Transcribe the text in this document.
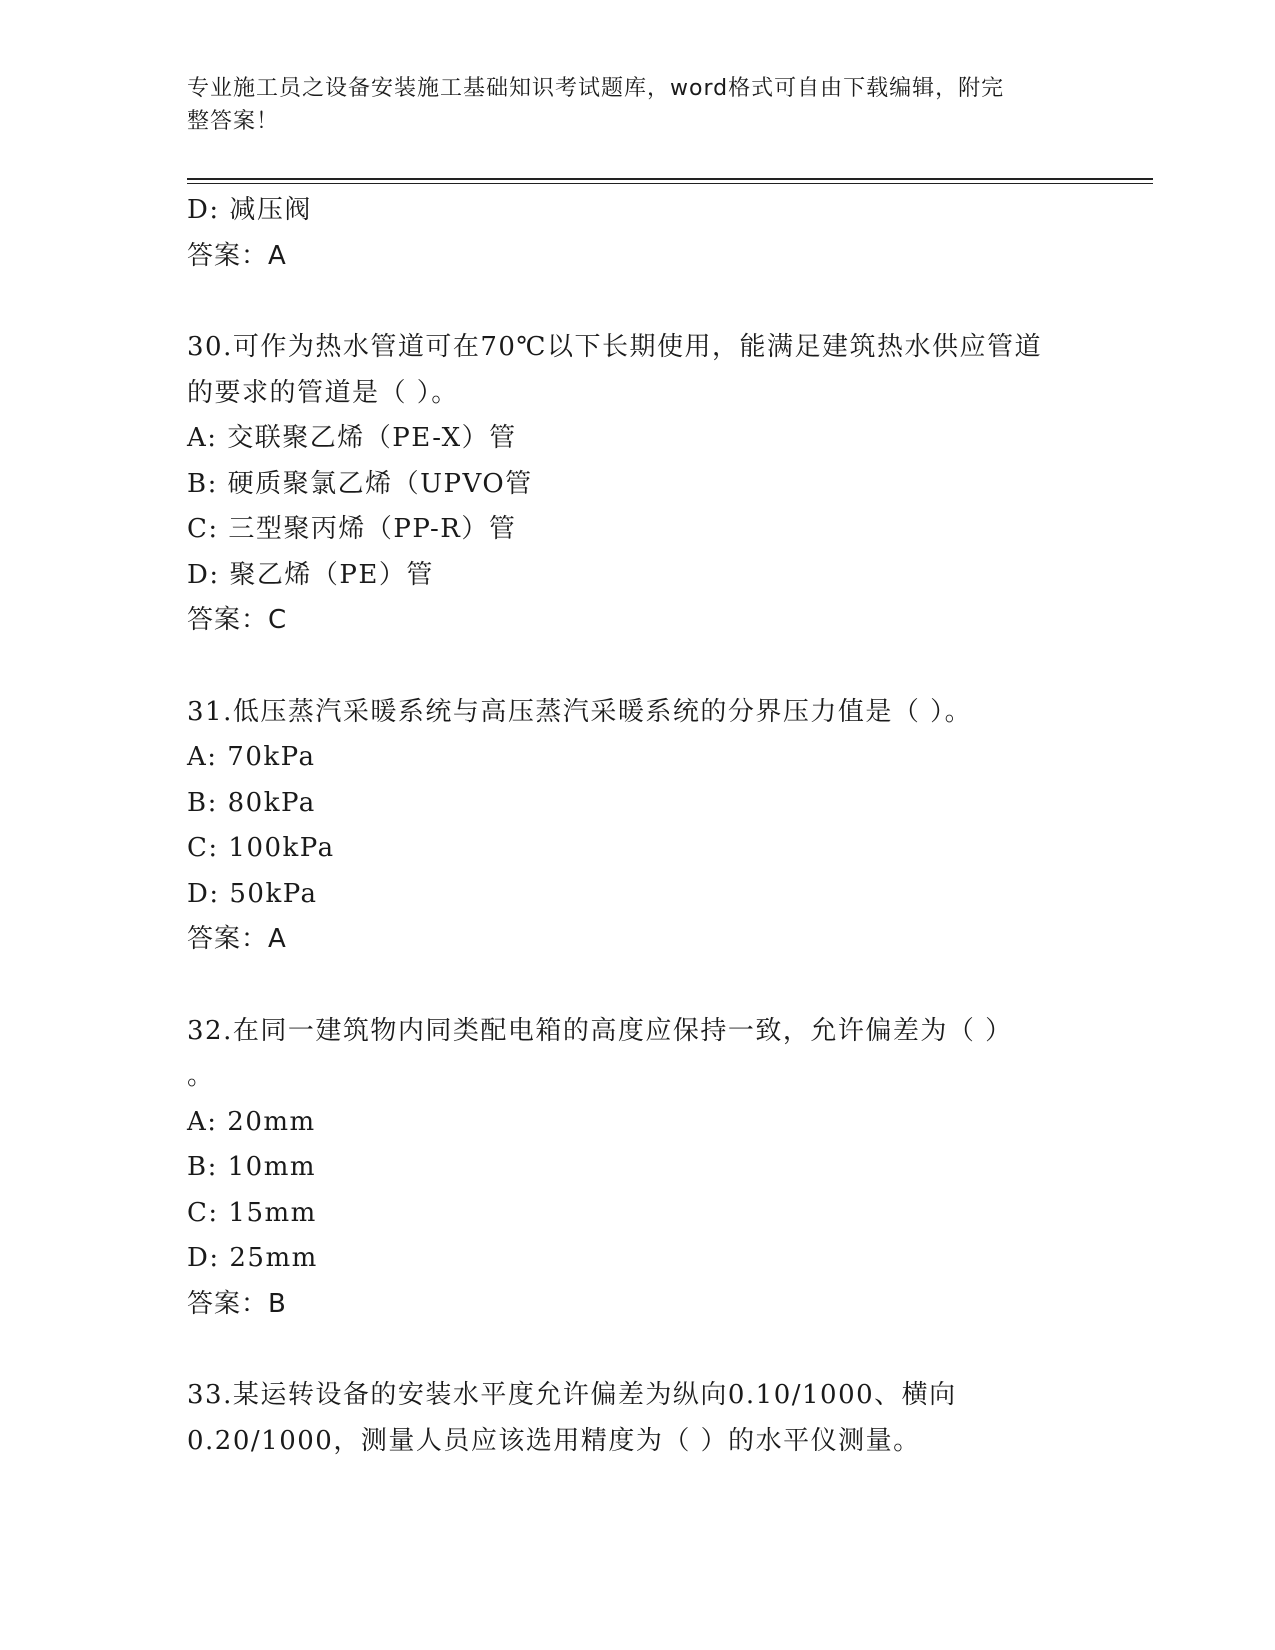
专业施工员之设备安装施工基础知识考试题库，word格式可自由下载编辑，附完
整答案！
D: 减压阀
答案：A
30.可作为热水管道可在70℃以下长期使用，能满足建筑热水供应管道
的要求的管道是（ ）。
A: 交联聚乙烯（PE-X）管
B: 硬质聚氯乙烯（UPVO管
C: 三型聚丙烯（PP-R）管
D: 聚乙烯（PE）管
答案：C
31.低压蒸汽采暖系统与高压蒸汽采暖系统的分界压力值是（ ）。
A: 70kPa
B: 80kPa
C: 100kPa
D: 50kPa
答案：A
32.在同一建筑物内同类配电箱的高度应保持一致，允许偏差为（ ）
。
A: 20mm
B: 10mm
C: 15mm
D: 25mm
答案：B
33.某运转设备的安装水平度允许偏差为纵向0.10/1000、横向
0.20/1000，测量人员应该选用精度为（ ）的水平仪测量。
